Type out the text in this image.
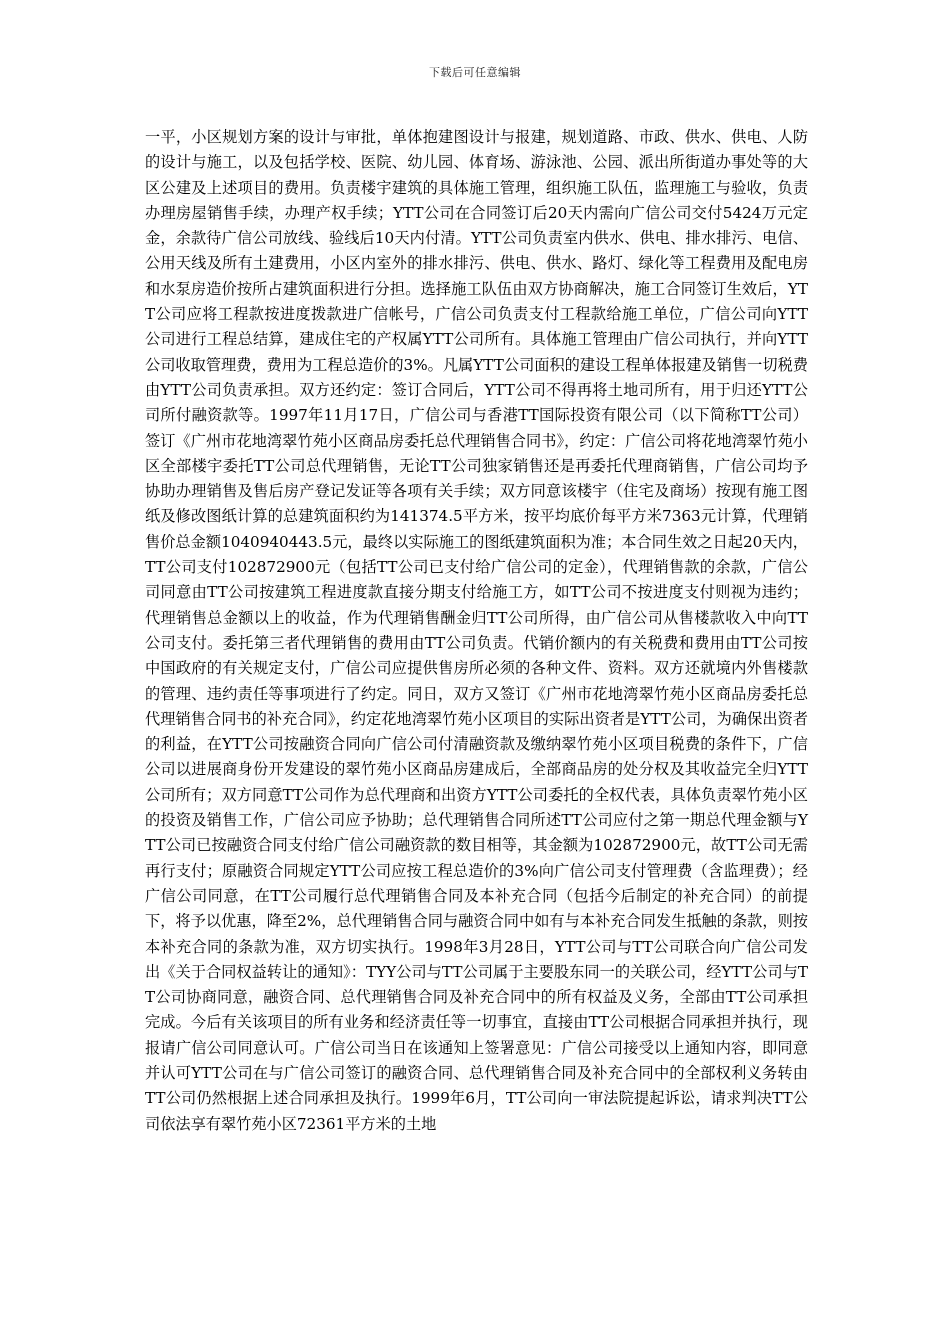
下载后可任意编辑

一平，小区规划方案的设计与审批，单体抱建图设计与报建，规划道路、市政、供水、供电、人防的设计与施工，以及包括学校、医院、幼儿园、体育场、游泳池、公园、派出所街道办事处等的大区公建及上述项目的费用。负责楼宇建筑的具体施工管理，组织施工队伍，监理施工与验收，负责办理房屋销售手续，办理产权手续；YTT公司在合同签订后20天内需向广信公司交付5424万元定金，余款待广信公司放线、验线后10天内付清。YTT公司负责室内供水、供电、排水排污、电信、公用天线及所有土建费用，小区内室外的排水排污、供电、供水、路灯、绿化等工程费用及配电房和水泵房造价按所占建筑面积进行分担。选择施工队伍由双方协商解决，施工合同签订生效后，YTT公司应将工程款按进度拨款进广信帐号，广信公司负责支付工程款给施工单位，广信公司向YTT公司进行工程总结算，建成住宅的产权属YTT公司所有。具体施工管理由广信公司执行，并向YTT公司收取管理费，费用为工程总造价的3%。凡属YTT公司面积的建设工程单体报建及销售一切税费由YTT公司负责承担。双方还约定：签订合同后，YTT公司不得再将土地司所有，用于归还YTT公司所付融资款等。1997年11月17日，广信公司与香港TT国际投资有限公司（以下简称TT公司）签订《广州市花地湾翠竹苑小区商品房委托总代理销售合同书》，约定：广信公司将花地湾翠竹苑小区全部楼宇委托TT公司总代理销售，无论TT公司独家销售还是再委托代理商销售，广信公司均予协助办理销售及售后房产登记发证等各项有关手续；双方同意该楼宇（住宅及商场）按现有施工图纸及修改图纸计算的总建筑面积约为141374.5平方米，按平均底价每平方米7363元计算，代理销售价总金额1040940443.5元，最终以实际施工的图纸建筑面积为准；本合同生效之日起20天内，TT公司支付102872900元（包括TT公司已支付给广信公司的定金），代理销售款的余款，广信公司同意由TT公司按建筑工程进度款直接分期支付给施工方，如TT公司不按进度支付则视为违约；代理销售总金额以上的收益，作为代理销售酬金归TT公司所得，由广信公司从售楼款收入中向TT公司支付。委托第三者代理销售的费用由TT公司负责。代销价额内的有关税费和费用由TT公司按中国政府的有关规定支付，广信公司应提供售房所必须的各种文件、资料。双方还就境内外售楼款的管理、违约责任等事项进行了约定。同日，双方又签订《广州市花地湾翠竹苑小区商品房委托总代理销售合同书的补充合同》，约定花地湾翠竹苑小区项目的实际出资者是YTT公司，为确保出资者的利益，在YTT公司按融资合同向广信公司付清融资款及缴纳翠竹苑小区项目税费的条件下，广信公司以进展商身份开发建设的翠竹苑小区商品房建成后，全部商品房的处分权及其收益完全归YTT公司所有；双方同意TT公司作为总代理商和出资方YTT公司委托的全权代表，具体负责翠竹苑小区的投资及销售工作，广信公司应予协助；总代理销售合同所述TT公司应付之第一期总代理金额与YTT公司已按融资合同支付给广信公司融资款的数目相等，其金额为102872900元，故TT公司无需再行支付；原融资合同规定YTT公司应按工程总造价的3%向广信公司支付管理费（含监理费）；经广信公司同意，在TT公司履行总代理销售合同及本补充合同（包括今后制定的补充合同）的前提下，将予以优惠，降至2%，总代理销售合同与融资合同中如有与本补充合同发生抵触的条款，则按本补充合同的条款为准，双方切实执行。1998年3月28日，YTT公司与TT公司联合向广信公司发出《关于合同权益转让的通知》：TYY公司与TT公司属于主要股东同一的关联公司，经YTT公司与TT公司协商同意，融资合同、总代理销售合同及补充合同中的所有权益及义务，全部由TT公司承担完成。今后有关该项目的所有业务和经济责任等一切事宜，直接由TT公司根据合同承担并执行，现报请广信公司同意认可。广信公司当日在该通知上签署意见：广信公司接受以上通知内容，即同意并认可YTT公司在与广信公司签订的融资合同、总代理销售合同及补充合同中的全部权利义务转由TT公司仍然根据上述合同承担及执行。1999年6月，TT公司向一审法院提起诉讼，请求判决TT公司依法享有翠竹苑小区72361平方米的土地
